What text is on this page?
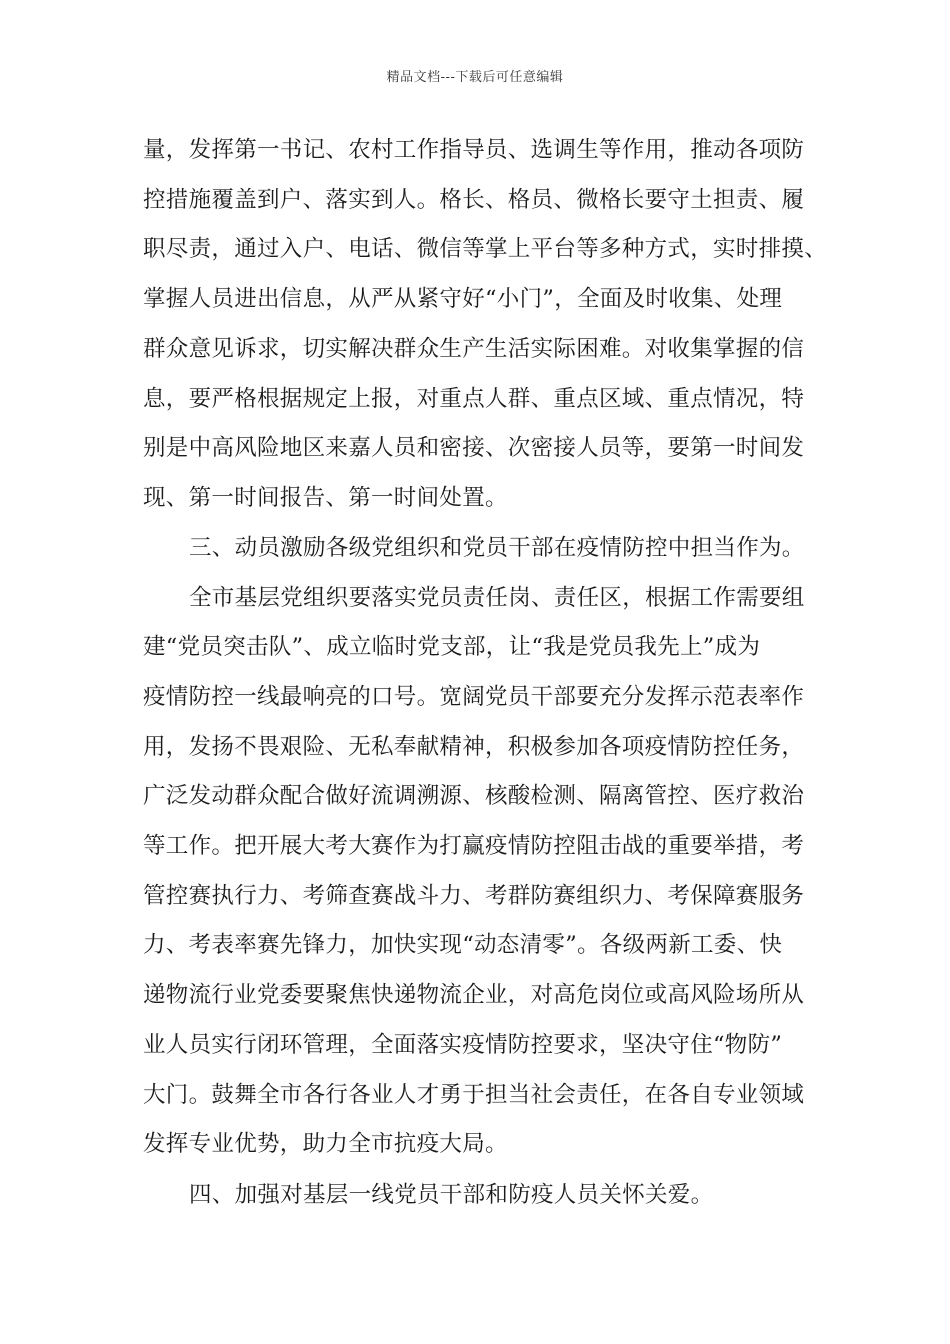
精品文档---下载后可任意编辑
量，发挥第一书记、农村工作指导员、选调生等作用，推动各项防
控措施覆盖到户、落实到人。格长、格员、微格长要守土担责、履
职尽责，通过入户、电话、微信等掌上平台等多种方式，实时排摸、
掌握人员进出信息，从严从紧守好“小门”，全面及时收集、处理
群众意见诉求，切实解决群众生产生活实际困难。对收集掌握的信
息，要严格根据规定上报，对重点人群、重点区域、重点情况，特
别是中高风险地区来嘉人员和密接、次密接人员等，要第一时间发
现、第一时间报告、第一时间处置。
三、动员激励各级党组织和党员干部在疫情防控中担当作为。
全市基层党组织要落实党员责任岗、责任区，根据工作需要组
建“党员突击队”、成立临时党支部，让“我是党员我先上”成为
疫情防控一线最响亮的口号。宽阔党员干部要充分发挥示范表率作
用，发扬不畏艰险、无私奉献精神，积极参加各项疫情防控任务，
广泛发动群众配合做好流调溯源、核酸检测、隔离管控、医疗救治
等工作。把开展大考大赛作为打赢疫情防控阻击战的重要举措，考
管控赛执行力、考筛查赛战斗力、考群防赛组织力、考保障赛服务
力、考表率赛先锋力，加快实现“动态清零”。各级两新工委、快
递物流行业党委要聚焦快递物流企业，对高危岗位或高风险场所从
业人员实行闭环管理，全面落实疫情防控要求，坚决守住“物防”
大门。鼓舞全市各行各业人才勇于担当社会责任，在各自专业领域
发挥专业优势，助力全市抗疫大局。
四、加强对基层一线党员干部和防疫人员关怀关爱。
